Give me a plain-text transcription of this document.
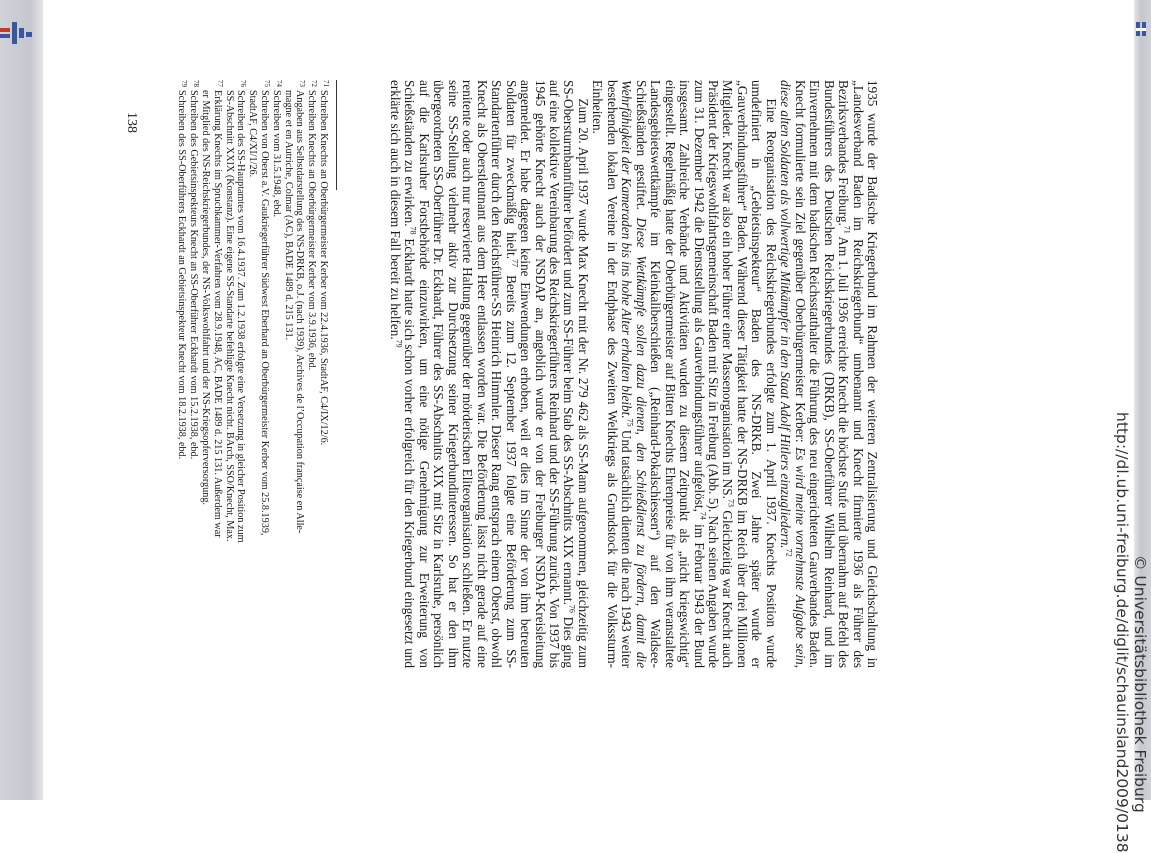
1935 wurde der Badische Kriegerbund im Rahmen der weiteren Zentralisierung und Gleichschaltung in „Landesverband Baden im Reichskriegerbund“ umbenannt und Knecht firmierte 1936 als Führer des Bezirksverbandes Freiburg.$^{71}$ Am 1. Juli 1936 erreichte Knecht die höchste Stufe und übernahm auf Befehl des Bundesführers des Deutschen Reichskriegerbundes (DRKB), SS-Oberführer Wilhelm Reinhard, und im Einvernehmen mit dem badischen Reichsstatthalter die Führung des neu eingerichteten Gauverbandes Baden. Knecht formulierte sein Ziel gegenüber Oberbürgermeister Kerber: Es wird meine vornehmste Aufgabe sein, diese alten Soldaten als vollwertige Mitkämpfer in den Staat Adolf Hitlers einzugliedern.$^{72}$

Eine Reorganisation des Reichskriegerbundes erfolgte zum 1. April 1937. Knechts Position wurde umdefiniert in „Gebietsinspekteur“ Baden des NS-DRKB. Zwei Jahre später wurde er „Gauverbindungsführer“ Baden. Während dieser Tätigkeit hatte der NS-DRKB im Reich über drei Millionen Mitglieder. Knecht war also ein hoher Führer einer Massenorganisation im NS.$^{73}$ Gleichzeitig war Knecht auch Präsident der Kriegswohlfahrtsgemeinschaft Baden mit Sitz in Freiburg (Abb. 5). Nach seinen Angaben wurde zum 31. Dezember 1942 die Dienststellung als Gauverbindungsführer aufgelöst,$^{74}$ im Februar 1943 der Bund insgesamt. Zahlreiche Verbände und Aktivitäten wurden zu diesem Zeitpunkt als „nicht kriegswichtig“ eingestellt. Regelmäßig hatte der Oberbürgermeister auf Bitten Knechts Ehrenpreise für von ihm veranstaltete Landesgebietswettkämpfe im Kleinkaliberschießen („Reinhard-Pokalschiessen“) auf den Waldsee-Schießständen gestiftet. Diese Wettkämpfe sollen dazu dienen, den Schießdienst zu fördern, damit die Wehrfähigkeit der Kameraden bis ins hohe Alter erhalten bleibt.$^{75}$ Und tatsächlich dienten die nach 1943 weiter bestehenden lokalen Vereine in der Endphase des Zweiten Weltkriegs als Grundstock für die Volkssturm-Einheiten.

Zum 20. April 1937 wurde Max Knecht mit der Nr. 279 462 als SS-Mann aufgenommen, gleichzeitig zum SS-Obersturmbannführer befördert und zum SS-Führer beim Stab des SS-Abschnitts XIX ernannt.$^{76}$ Dies ging auf eine kollektive Vereinbarung des Reichskriegerführers Reinhard und der SS-Führung zurück. Von 1937 bis 1945 gehörte Knecht auch der NSDAP an, angeblich wurde er von der Freiburger NSDAP-Kreisleitung angemeldet. Er habe dagegen keine Einwendungen erhoben, weil er dies im Sinne der von ihm betreuten Soldaten für zweckmäßig hielt.$^{77}$ Bereits zum 12. September 1937 folgte eine Beförderung zum SS-Standartenführer durch den Reichsführer-SS Heinrich Himmler. Dieser Rang entsprach einem Oberst, obwohl Knecht als Oberstleutnant aus dem Heer entlassen worden war. Die Beförderung lässt nicht gerade auf eine renitente oder auch nur reservierte Haltung gegenüber der mörderischen Eliteorganisation schließen. Er nutzte seine SS-Stellung vielmehr aktiv zur Durchsetzung seiner Kriegerbundinteressen. So hat er den ihm übergeordneten SS-Oberführer Dr. Eckhardt, Führer des SS-Abschnitts XIX mit Sitz in Karlsruhe, persönlich auf die Karlsruher Forstbehörde einzuwirken, um eine nötige Genehmigung zur Erweiterung von Schießständen zu erwirken.$^{78}$ Eckhardt hatte sich schon vorher erfolgreich für den Kriegerbund eingesetzt und erklärte sich auch in diesem Fall bereit zu helfen.$^{79}$

71
Schreiben Knechts an Oberbürgermeister Kerber vom 22.4.1936, StadtAF, C4/IX/12/6.
72
Schreiben Knechts an Oberbürgermeister Kerber vom 3.9.1936, ebd.
73
Angaben aus Selbstdarstellung des NS-DRKB, o.J. (nach 1939), Archives de l’Occupation française en Alle-
magne et en Autriche, Colmar (AC), BADE 1489 d. 215 131.
74
Schreiben vom 31.5.1948, ebd.
75
Schreiben von Oberst a.V. Gaukriegerführer Südwest Eberhard an Oberbürgermeister Kerber vom 25.8.1939,
StadtAF, C4/XI/1/26.
76
Schreiben des SS-Hauptamtes vom 16.4.1937. Zum 1.2.1938 erfolgte eine Versetzung in gleicher Position zum
SS-Abschnitt XXIX (Konstanz). Eine eigene SS-Standarte befehligte Knecht nicht. BArch, SSO/Knecht, Max.
77
Erklärung Knechts im Spruchkammer-Verfahren vom 28.9.1948, AC, BADE 1489 d. 215 131. Außerdem war
er Mitglied des NS-Reichskriegerbundes, der NS-Volkswohlfahrt und der NS-Kriegsopferversorgung.
78
Schreiben des Gebietsinspekteurs Knecht an SS-Oberführer Eckhardt vom 15.2.1938, ebd.
79
Schreiben des SS-Oberführers Eckhardt an Gebietsinspekteur Knecht vom 18.2.1938, ebd.
138
http://dl.ub.uni-freiburg.de/diglit/schauinsland2009/0138 © Universitätsbibliothek Freiburg
